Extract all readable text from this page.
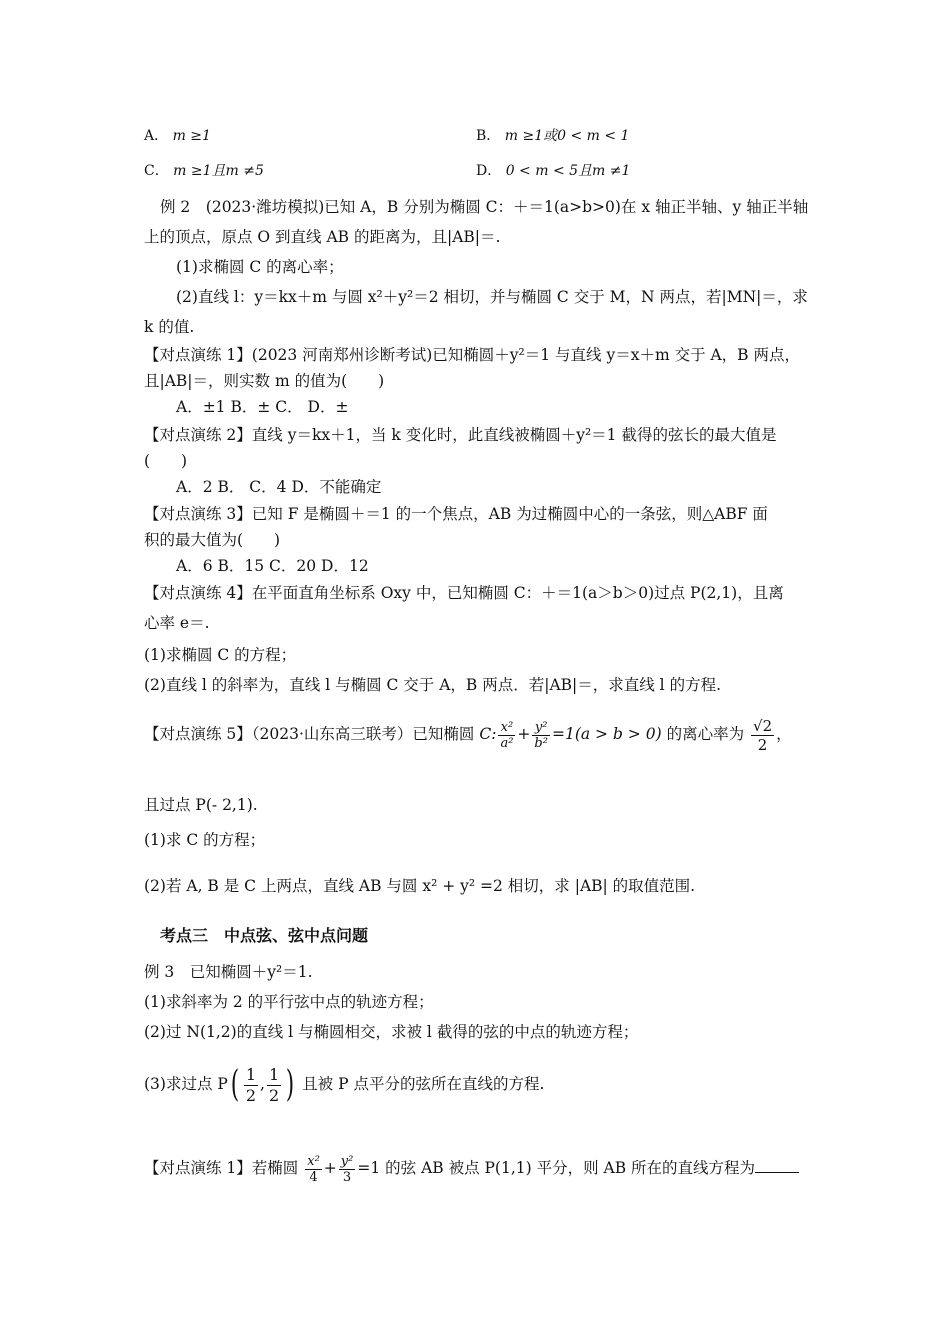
A． m ≥1	B． m ≥1或0 < m < 1
C． m ≥1且m ≠5	D． 0 < m < 5且m ≠1
例 2　(2023·潍坊模拟)已知 A，B 分别为椭圆 C：＋＝1(a>b>0)在 x 轴正半轴、y 轴正半轴
上的顶点，原点 O 到直线 AB 的距离为，且|AB|＝.
(1)求椭圆 C 的离心率；
(2)直线 l：y＝kx＋m 与圆 x²＋y²＝2 相切，并与椭圆 C 交于 M，N 两点，若|MN|＝，求
k 的值.
【对点演练 1】(2023 河南郑州诊断考试)已知椭圆＋y²＝1 与直线 y＝x＋m 交于 A，B 两点，
且|AB|＝，则实数 m 的值为(　　)
A．±1 B．± C． D．±
【对点演练 2】直线 y＝kx＋1，当 k 变化时，此直线被椭圆＋y²＝1 截得的弦长的最大值是
(　　)
A．2 B． C．4 D．不能确定
【对点演练 3】已知 F 是椭圆＋＝1 的一个焦点，AB 为过椭圆中心的一条弦，则△ABF 面
积的最大值为(　　)
A．6 B．15 C．20 D．12
【对点演练 4】在平面直角坐标系 Oxy 中，已知椭圆 C：＋＝1(a＞b＞0)过点 P(2,1)，且离
心率 e＝.
(1)求椭圆 C 的方程；
(2)直线 l 的斜率为，直线 l 与椭圆 C 交于 A，B 两点．若|AB|＝，求直线 l 的方程.
【对点演练 5】（2023·山东高三联考）已知椭圆 C: $\frac{\text{x²}}{\text{a²}} + \frac{\text{y²}}{\text{b²}} =1(a > b > 0)$ 的离心率为 $\frac{√2}{2}$ ，
且过点 P(- 2,1).
(1)求 C 的方程；
(2)若 A, B 是 C 上两点，直线 AB 与圆 x² + y² =2 相切，求 |AB| 的取值范围.
考点三　中点弦、弦中点问题
例 3　已知椭圆＋y²＝1.
(1)求斜率为 2 的平行弦中点的轨迹方程；
(2)过 N(1,2)的直线 l 与椭圆相交，求被 l 截得的弦的中点的轨迹方程；
(3)求过点 $P( \frac{1}{2}$ , $\frac{1}{2}$ ) 且被 P 点平分的弦所在直线的方程.
【对点演练 1】若椭圆 $\frac{\text{x²}}{4} + \frac{\text{y²}}{3} =1$ 的弦 AB 被点 P(1,1) 平分，则 AB 所在的直线方程为
